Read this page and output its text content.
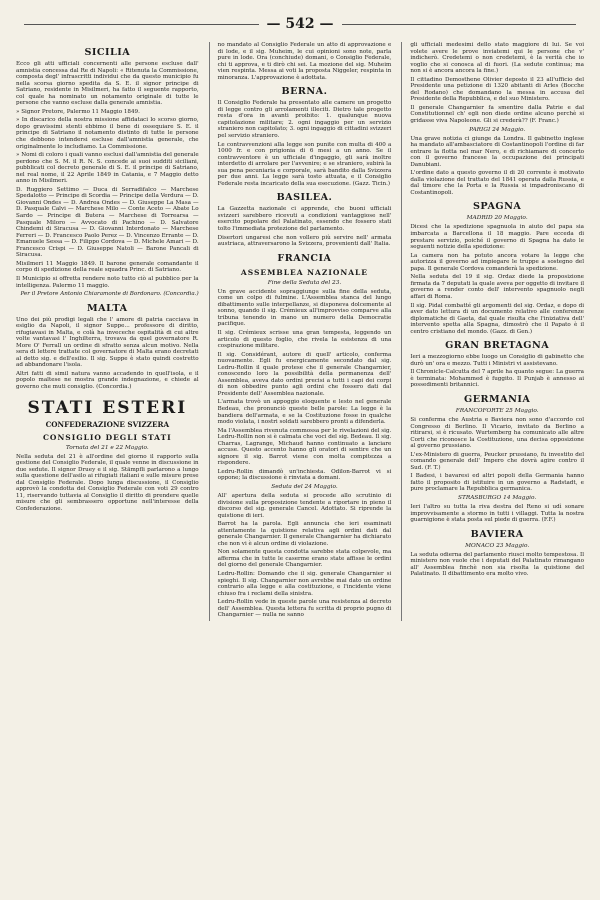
— 542 —
SICILIA

Ecco gli atti ufficiali concernenti alle persone escluse dall' amnistia concessa dal Re di Napoli: « Ritenuta la Commissione, composta degl' infrascritti individui che da questo municipio fu nella scorsa giorno spedita da S. E. il signor principe di Satriano, residente in Misilmeri, ha fatto il seguente rapporto, col quale ha nominato un notamento originale di tutte le persone che vanno escluse dalla generale amnistia.

» Signor Pretore, Palermo 11 Maggio 1849.

» In discarico della nostra missione affidataci lo scorso giorno, dopo gravissimi stenti ebbimo il bene di ossequiare S. E. il principe di Satriano il notamento distinto di tutte le persone che debbono intendersi escluse dall'amnistia generale, che originalmente lo includiamo. La Commissione.

» Nomi di coloro i quali vanno esclusi dall'amnistia del generale perdono che S. M. il R. N. S. concede ai suoi sudditi siciliani, pubblicati col decreto generale di S. E. il principe di Satriano, nel real nome, il 22 Aprile 1849 in Catania, e 7 Maggio detto anno in Misilmeri.

D. Ruggiero Settimo — Duca di Serradifalco — Marchese Spedalotto — Principe di Scordia — Principe della Verdura — D. Giovanni Ondes — D. Andrea Ondes — D. Giuseppe La Masa — D. Pasquale Calvi — Marchese Milo — Conte Aceto — Abate Lo Sardo — Principe di Butera — Marchese di Torrearsa — Pasquale Miloro — Avvocato di Pachino — D. Salvatore Chindemi di Siracusa — D. Giovanni Interdonato — Marchese Ferreri — D. Francesco Paolo Perez — D. Vincenzo Errante — D. Emanuele Sessa — D. Filippo Cordova — D. Michele Amari — D. Francesco Crispi — D. Giuseppe Natoli — Barone Pancali di Siracusa.

Misilmeri 11 Maggio 1849. Il barone generale comandante il corpo di spedizione della reale squadra Princ. di Satriano.

Il Municipio si offretta rendere noto tutto ciò al pubblico per la intelligenza. Palermo 11 maggio.

Per il Pretore Antonio Chiaramonte di Bordonaro. (Concordia.)
MALTA

Uno dei più prodigi legali che l' amore di patria cacciava in esiglio da Napoli, il signor Suppe... professore di diritto, rifugiavasi in Malta, e colà ha inveceche ospitalità di cui altre volte vantavasi l' Inghilterra, trovava da quel governatore R. More O' Ferrall un ordine di sfratto senza alcun motivo. Nella sera di lettere trattate col governatore di Malta erano decretati al detto sig. e dell'esilio. Il sig. Suppe è stato quindi costretto ad abbandonare l'isola.

Altri fatti di simil natura vanno accadendo in quell'isola, e il popolo maltese ne mostra grande indegnazione, e chiede al governo che muti consiglio. (Concordia.)

STATI ESTERI
CONFEDERAZIONE SVIZZERA
CONSIGLIO DEGLI STATI
Tornata del 21 e 22 Maggio.

Nella seduta del 21 è all'ordine del giorno il rapporto sulla gestione del Consiglio Federale, il quale venne in discussione in due sedute. Il signor Druey e il sig. Stämpfli parlarono a lungo sulla questione dell'asilo ai rifugiati italiani e sulle misure prese dal Consiglio Federale. Dopo lunga discussione, il Consiglio approvò la condotta del Consiglio Federale con voti 29 contro 11, riservando tuttavia al Consiglio il diritto di prendere quelle misure che gli sembrassero opportune nell'interesse della Confederazione.

no mandato al Consiglio Federale un atto di approvazione e di lode, e il sig. Muheim, le cui opinioni sono note, parla pure in lode. Ora (conchiude) domani, o Consiglio Federale, chi ti approva, e ti dirò chi sei. La mozione del sig. Muheim vien respinta. Messa ai voti la proposta Niggeler, respinta in minoranza. L'approvazione è adottata.

BERNA.

Il Consiglio Federale ha presentato alle camere un progetto di legge contro gli arrolamenti illeciti. Dietro tale progetto resta d'ora in avanti proibito: 1. qualunque nuova capitolazione militare; 2. ogni ingaggio per un servizio straniero non capitolato; 3. ogni ingaggio di cittadini svizzeri pel servizio straniero.

Le contravvenzioni alla legge son punite con multa di 400 a 1000 fr. e con prigionia di 6 mesi a un anno. Se il contravventore è un ufficiale d'ingaggio, gli sarà inoltre interdetto di arrolare per l'avvenire; e se straniero, subirà la sua pena pecuniaria e corporale, sarà bandito dalla Svizzera per due anni. La legge sarà tosto attuata, e il Consiglio Federale resta incaricato della sua esecuzione. (Gazz. Ticin.)

BASILEA.

La Gazzetta nazionale ci apprende, che buoni ufficiali svizzeri sarebbero ricevuti a condizioni vantaggiose nell' esercito popolare del Palatinato, essendo che fossero stati tolto l'immediata protezione del parlamento.

Disertori ungaresi che non vollero più servire nell' armata austriaca, attraversarono la Svizzera, provenienti dall' Italia.

FRANCIA
ASSEMBLEA NAZIONALE
Fine della Seduta del 23.

Un grave accidente sopraggiunge sulla fine della seduta, come un colpo di fulmine. L'Assemblea stanca del lungo dibattimento sulle interpellanze, si disponeva dolcemente al sonno, quando il sig. Crémieux all'improvviso comparve alla tribuna tenendo in mano un numero della Democratie pacifique.

Il sig. Crémieux scrisse una gran tempesta, leggendo un articolo di questo foglio, che rivela la esistenza di una cospirazione militare.

Il sig. Considérant, autore di quell' articolo, conferma nuovamente. Egli fu energicamente secondato dal sig. Ledru-Rollin il quale protese che il generale Changarnier, conoscendo loro la possibilità della permanenza dell' Assemblea, aveva dato ordini precisi a tutti i capi dei corpi di non obbedire punto agli ordini che fossero dati dal Presidente dell' Assemblea nazionale.

L'armata trovò un appoggio eloquente e lesto nel generale Bedeau, che pronunciò queste belle parole: La legge è la bandiera dell'armata, e se la Costituzione fosse in qualche modo violata, i nostri soldati sarebbero pronti a difenderla.

Ma l'Assemblea rivenuta commossa per le rivelazioni del sig. Ledru-Rollin non si è calmata che voci del sig. Bedeau. Il sig. Charras, Lagrange, Michaud hanno continuato a lanciare accuse. Questo accento hanno gli oratori di sentire che un signore il sig. Barrot viene con molta compitezza a rispondere.

Ledru-Rollin dimandò un'inchiesta. Odilon-Barrot vi si oppone; la discussione è rinviata a domani.

Seduta del 24 Maggio.

All' apertura della seduta si procede allo scrutinio di divisione sulla proposizione tendente a riportare in pieno il discorso del sig. generale Cancel. Adottato. Si riprende la quistione di ieri.

Barrot ha la parola. Egli annuncia che ieri esaminati attentamente la quistione relativa agli ordini dati dal generale Changarnier. Il generale Changarnier ha dichiarato che non vi è alcun ordine di violazione.

Non solamente questa condotta sarebbe stata colpevole, ma afferma che in tutte le caserme erano state affisse le ordini del giorno del generale Changarnier.

Ledru-Rollin: Domando che il sig. generale Changarnier si spieghi. Il sig. Changarnier non avrebbe mai dato un ordine contrario alla legge e alla costituzione, e l'incidente viene chiuso fra i reclami della sinistra.

Ledru-Rollin vede in queste parole una resistenza al decreto dell' Assemblea. Questa lettera fu scritta di proprio pugno di Changarnier — nulla ne sanno

gli ufficiali medesimi dello stato maggiore di lui. Se voi volete avere le prove inviatemi qui le persone che v' indicherò. Credetemi o non credetemi, è la verità che io voglio che si conosca al di fuori. (La sedute continua; ma non si è ancora ancora la fine.)

Il cittadino Demosthene Olivier deposto il 23 all'ufficio del Presidente una petizione di 1320 abitanti di Arles (Bocche del Rodano) che domandano la messa in accusa del Presidente della Repubblica, e del suo Ministero.

Il generale Changarnier fa smentire dalla Patrie e dal Constitutionnel ch' egli non diede ordine alcuno perchè si gridasse viva Napoleone. Gli si crederà?? (F. Franc.)

PARIGI 24 Maggio.

Una grave notizia ci giunge da Londra. Il gabinetto inglese ha mandato all'ambasciatore di Costantinopoli l'ordine di far entrare la flotta nel mar Nero, e di richiamare di concerto con il governo francese la occupazione dei principati Danubiani.

L'ordine dato a questo governo il di 20 corrente è motivato dalla violazione del trattato del 1841 operata dalla Russia, e dal timore che la Porta e la Russia si impadroniscano di Costantinopoli.

SPAGNA
MADRID 20 Maggio.

Dicesi che la spedizione spagnuola in aiuto del papa sia imbarcata a Barcellona il 18 maggio. Pare ecceda di prestare servizio, poiché il governo di Spagna ha dato le seguenti notizie della spedizione:

La camera non ha potuto ancora votare la legge che autorizza il governo ad impiegare le truppe a sostegno del papa. Il generale Cordova comanderà la spedizione.

Nella seduta del 19 il sig. Ordaz diede la proposizione firmata da 7 deputati la quale aveva per oggetto di invitare il governo a render conto dell' intervento spagnuolo negli affari di Roma.

Il sig. Pidal combatté gli argomenti del sig. Ordaz, e dopo di aver dato lettura di un documento relativo alle conferenze diplomatiche di Gaeta, dal quale risulta che l'iniziativa dell' intervento spetta alla Spagna, dimostrò che il Papato è il centro cristiano del mondo. (Gazz. di Gen.)

GRAN BRETAGNA

Ieri a mezzogiorno ebbe luogo un Consiglio di gabinetto che durò un' ora e mezzo. Tutti i Ministri vi assistevano.

Il Chronicle-Calcutta del 7 aprile ha quanto segue: La guerra è terminata: Mohammed è fuggito. Il Punjab è annesso ai possedimenti britannici.

GERMANIA
FRANCOFORTE 25 Maggio.

Si conferma che Austria e Baviera non sono d'accordo col Congresso di Berlino. Il Vicario, invitato da Berlino a ritirarsi, si è ricusato. Wurtemberg ha comunicato alle altre Corti che riconosce la Costituzione, una decisa opposizione al governo prussiano.

L'ex-Ministero di guerra, Peucker prussiano, fu investito del comando generale dell' Impero che dovrà agire contro il Sud. (F. T.)

I Badesi, i bavaresi ed altri popoli della Germania hanno fatto il proposito di istituire in un governo a Radstadt, e pure proclamare la Repubblica germanica.

STRASBURGO 14 Maggio.

Ieri l'altro su tutta la riva destra del Reno si udì sonare improvvisamente a stormo in tutti i villaggi. Tutta la nostra guarnigione è stata posta sul piede di guerra. (F.F.)

BAVIERA
MONACO 23 Maggio.

La seduta odierna del parlamento riusci molto tempestosa. Il ministero non vuole che i deputati del Palatinato rimangano all' Assemblea finchè non sia risolta la quistione del Palatinato. Il dibattimento era molto vivo.
